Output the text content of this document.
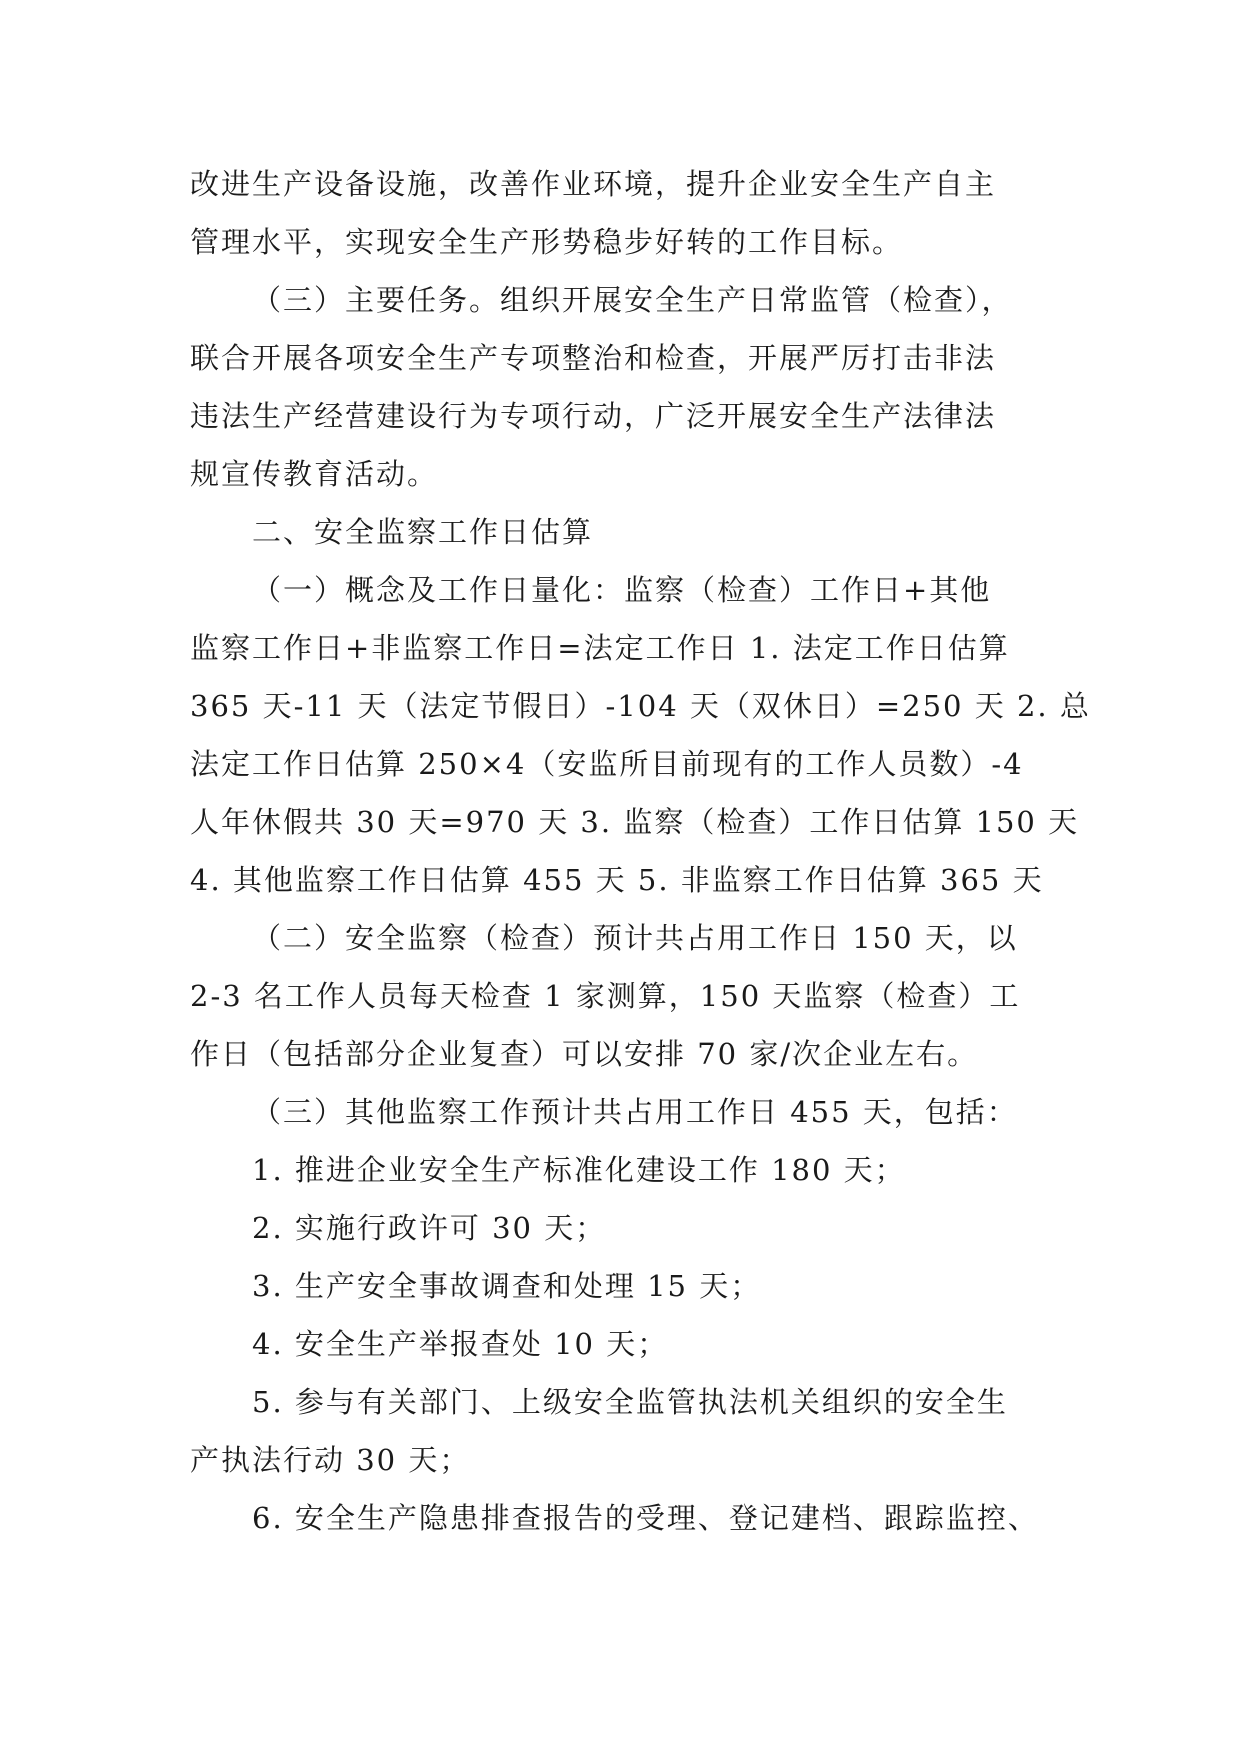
改进生产设备设施，改善作业环境，提升企业安全生产自主
管理水平，实现安全生产形势稳步好转的工作目标。
（三）主要任务。组织开展安全生产日常监管（检查），
联合开展各项安全生产专项整治和检查，开展严厉打击非法
违法生产经营建设行为专项行动，广泛开展安全生产法律法
规宣传教育活动。
二、安全监察工作日估算
（一）概念及工作日量化：监察（检查）工作日+其他
监察工作日+非监察工作日=法定工作日 1. 法定工作日估算
365 天-11 天（法定节假日）-104 天（双休日）=250 天 2. 总
法定工作日估算 250×4（安监所目前现有的工作人员数）-4
人年休假共 30 天=970 天 3. 监察（检查）工作日估算 150 天
4. 其他监察工作日估算 455 天 5. 非监察工作日估算 365 天
（二）安全监察（检查）预计共占用工作日 150 天，以
2-3 名工作人员每天检查 1 家测算，150 天监察（检查）工
作日（包括部分企业复查）可以安排 70 家/次企业左右。
（三）其他监察工作预计共占用工作日 455 天，包括：
1. 推进企业安全生产标准化建设工作 180 天；
2. 实施行政许可 30 天；
3. 生产安全事故调查和处理 15 天；
4. 安全生产举报查处 10 天；
5. 参与有关部门、上级安全监管执法机关组织的安全生
产执法行动 30 天；
6. 安全生产隐患排查报告的受理、登记建档、跟踪监控、
